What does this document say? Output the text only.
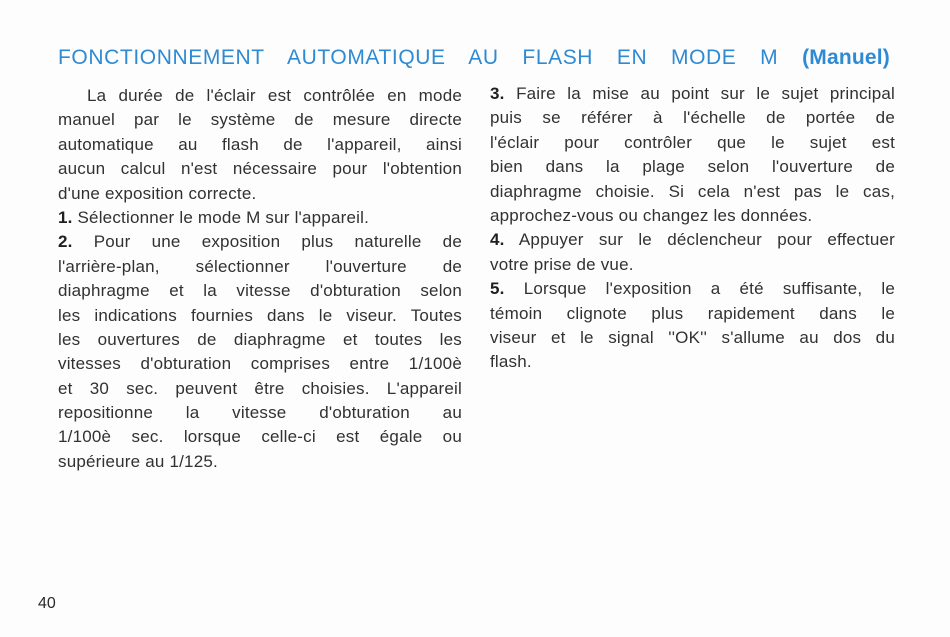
FONCTIONNEMENT AUTOMATIQUE AU FLASH EN MODE M (Manuel)
La durée de l'éclair est contrôlée en mode
manuel par le système de mesure directe
automatique au flash de l'appareil, ainsi
aucun calcul n'est nécessaire pour l'obtention
d'une exposition correcte.
1. Sélectionner le mode M sur l'appareil.
2. Pour une exposition plus naturelle de
l'arrière-plan, sélectionner l'ouverture de
diaphragme et la vitesse d'obturation selon
les indications fournies dans le viseur. Toutes
les ouvertures de diaphragme et toutes les
vitesses d'obturation comprises entre 1/100è
et 30 sec. peuvent être choisies. L'appareil
repositionne la vitesse d'obturation au
1/100è sec. lorsque celle-ci est égale ou
supérieure au 1/125.
3. Faire la mise au point sur le sujet principal
puis se référer à l'échelle de portée de
l'éclair pour contrôler que le sujet est
bien dans la plage selon l'ouverture de
diaphragme choisie. Si cela n'est pas le cas,
approchez-vous ou changez les données.
4. Appuyer sur le déclencheur pour effectuer
votre prise de vue.
5. Lorsque l'exposition a été suffisante, le
témoin clignote plus rapidement dans le
viseur et le signal ''OK'' s'allume au dos du
flash.
40
